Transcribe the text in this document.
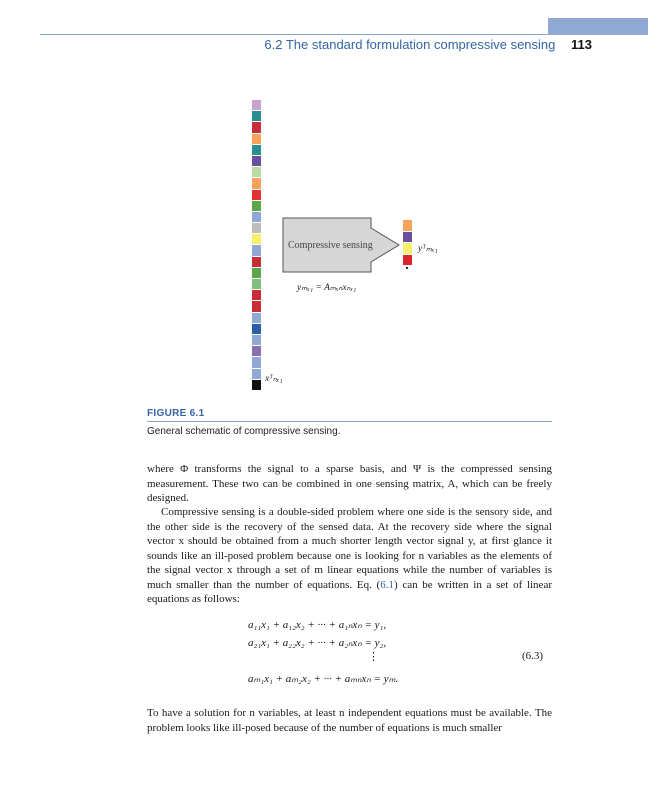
6.2 The standard formulation compressive sensing 113
xᵀₙₓ₁
Compressive sensing
yₘₓ₁ = Aₘₓₙxₙₓ₁
yᵀₘₓ₁
FIGURE 6.1
General schematic of compressive sensing.

where Φ transforms the signal to a sparse basis, and Ψ is the compressed sensing measurement. These two can be combined in one sensing matrix, A, which can be freely designed.

Compressive sensing is a double-sided problem where one side is the sensory side, and the other side is the recovery of the sensed data. At the recovery side where the signal vector x should be obtained from a much shorter length vector signal y, at first glance it sounds like an ill-posed problem because one is looking for n variables as the elements of the signal vector x through a set of m linear equations while the number of variables is much smaller than the number of equations. Eq. (6.1) can be written in a set of linear equations as follows:

a₁₁x₁ + a₁₂x₂ + ··· + a₁ₙxₙ = y₁,
a₂₁x₁ + a₂₂x₂ + ··· + a₂ₙxₙ = y₂,
⋮
aₘ₁x₁ + aₘ₂x₂ + ··· + aₘₙxₙ = yₘ.
(6.3)

To have a solution for n variables, at least n independent equations must be available. The problem looks like ill-posed because of the number of equations is much smaller
